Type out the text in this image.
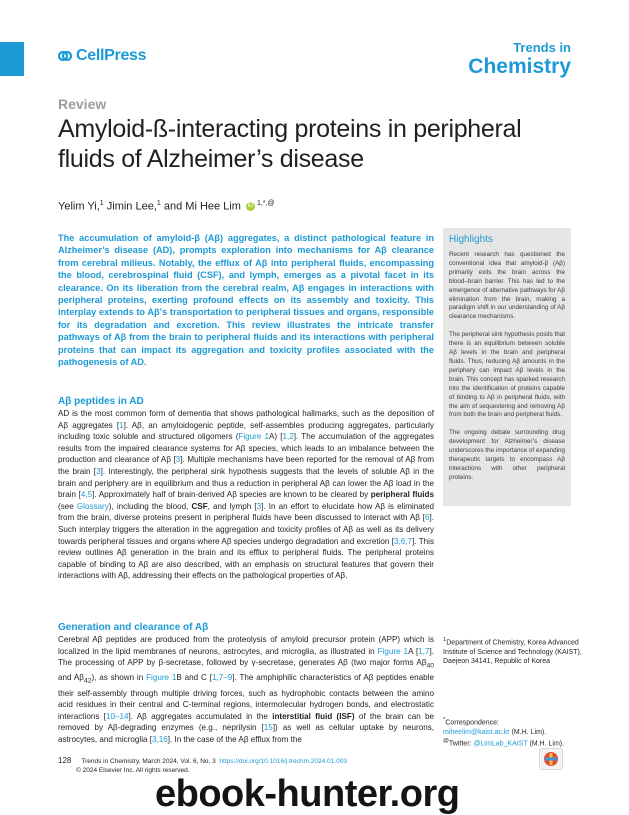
CellPress	Trends in
Chemistry
Review
Amyloid-ß-interacting proteins in peripheral fluids of Alzheimer’s disease
Yelim Yi,$^1$ Jimin Lee,$^1$ and Mi Hee Lim iD $^{1,*,@}$

The accumulation of amyloid-β (Aβ) aggregates, a distinct pathological feature in Alzheimer’s disease (AD), prompts exploration into mechanisms for Aβ clearance from cerebral milieus. Notably, the efflux of Aβ into peripheral fluids, encompassing the blood, cerebrospinal fluid (CSF), and lymph, emerges as a pivotal facet in its clearance. On its liberation from the cerebral realm, Aβ engages in interactions with peripheral proteins, exerting profound effects on its assembly and toxicity. This interplay extends to Aβ’s transportation to peripheral tissues and organs, responsible for its degradation and excretion. This review illustrates the intricate transfer pathways of Aβ from the brain to peripheral fluids and its interactions with peripheral proteins that can impact its aggregation and toxicity profiles associated with the pathogenesis of AD.

Highlights

Recent research has questioned the conventional idea that amyloid-β (Aβ) primarily exits the brain across the blood–brain barrier. This has led to the emergence of alternative pathways for Aβ elimination from the brain, making a paradigm shift in our understanding of Aβ clearance mechanisms.

The peripheral sink hypothesis posits that there is an equilibrium between soluble Aβ levels in the brain and peripheral fluids. Thus, reducing Aβ amounts in the periphery can impact Aβ levels in the brain. This concept has sparked research into the identification of proteins capable of binding to Aβ in peripheral fluids, with the aim of sequestering and removing Aβ from both the brain and peripheral fluids.

The ongoing debate surrounding drug development for Alzheimer’s disease underscores the importance of expanding therapeutic targets to encompass Aβ interactions with other peripheral proteins.

Aβ peptides in AD

AD is the most common form of dementia that shows pathological hallmarks, such as the deposition of Aβ aggregates [1]. Aβ, an amyloidogenic peptide, self-assembles producing aggregates, particularly including toxic soluble and structured oligomers (Figure 1A) [1,2]. The accumulation of the aggregates results from the impaired clearance systems for Aβ species, which leads to an imbalance between the production and clearance of Aβ [3]. Multiple mechanisms have been reported for the removal of Aβ from the brain [3]. Interestingly, the peripheral sink hypothesis suggests that the levels of soluble Aβ in the brain and periphery are in equilibrium and thus a reduction in peripheral Aβ can lower the Aβ load in the brain [4,5]. Approximately half of brain-derived Aβ species are known to be cleared by peripheral fluids (see Glossary), including the blood, CSF, and lymph [3]. In an effort to elucidate how Aβ is eliminated from the brain, diverse proteins present in peripheral fluids have been discussed to interact with Aβ [6]. Such interplay triggers the alteration in the aggregation and toxicity profiles of Aβ as well as its delivery towards peripheral tissues and organs where Aβ species undergo degradation and excretion [3,6,7]. This review outlines Aβ generation in the brain and its efflux to peripheral fluids. The peripheral proteins capable of binding to Aβ are also described, with an emphasis on structural features that govern their interactions with Aβ, addressing their effects on the pathological properties of Aβ.

Generation and clearance of Aβ

Cerebral Aβ peptides are produced from the proteolysis of amyloid precursor protein (APP) which is localized in the lipid membranes of neurons, astrocytes, and microglia, as illustrated in Figure 1A [1,7]. The processing of APP by β-secretase, followed by γ-secretase, generates Aβ (two major forms $A\beta_{40}$ and $A\beta_{42}$), as shown in Figure 1B and C [1,7–9]. The amphiphilic characteristics of Aβ peptides enable their self-assembly through multiple driving forces, such as hydrophobic contacts between the amino acid residues in their central and C-terminal regions, intermolecular hydrogen bonds, and electrostatic interactions [10–14]. Aβ aggregates accumulated in the interstitial fluid (ISF) of the brain can be removed by Aβ-degrading enzymes (e.g., neprilysin [15]) as well as cellular uptake by neurons, astrocytes, and microglia [3,16]. In the case of the Aβ efflux from the

$^1$Department of Chemistry, Korea Advanced Institute of Science and Technology (KAIST), Daejeon 34141, Republic of Korea
*Correspondence:
miheelim@kaist.ac.kr (M.H. Lim).
@Twitter: @LimLab_KAIST (M.H. Lim).
128 Trends in Chemistry, March 2024, Vol. 6, No. 3 https://doi.org/10.1016/j.trechm.2024.01.003
© 2024 Elsevier Inc. All rights reserved.
ebook-hunter.org
